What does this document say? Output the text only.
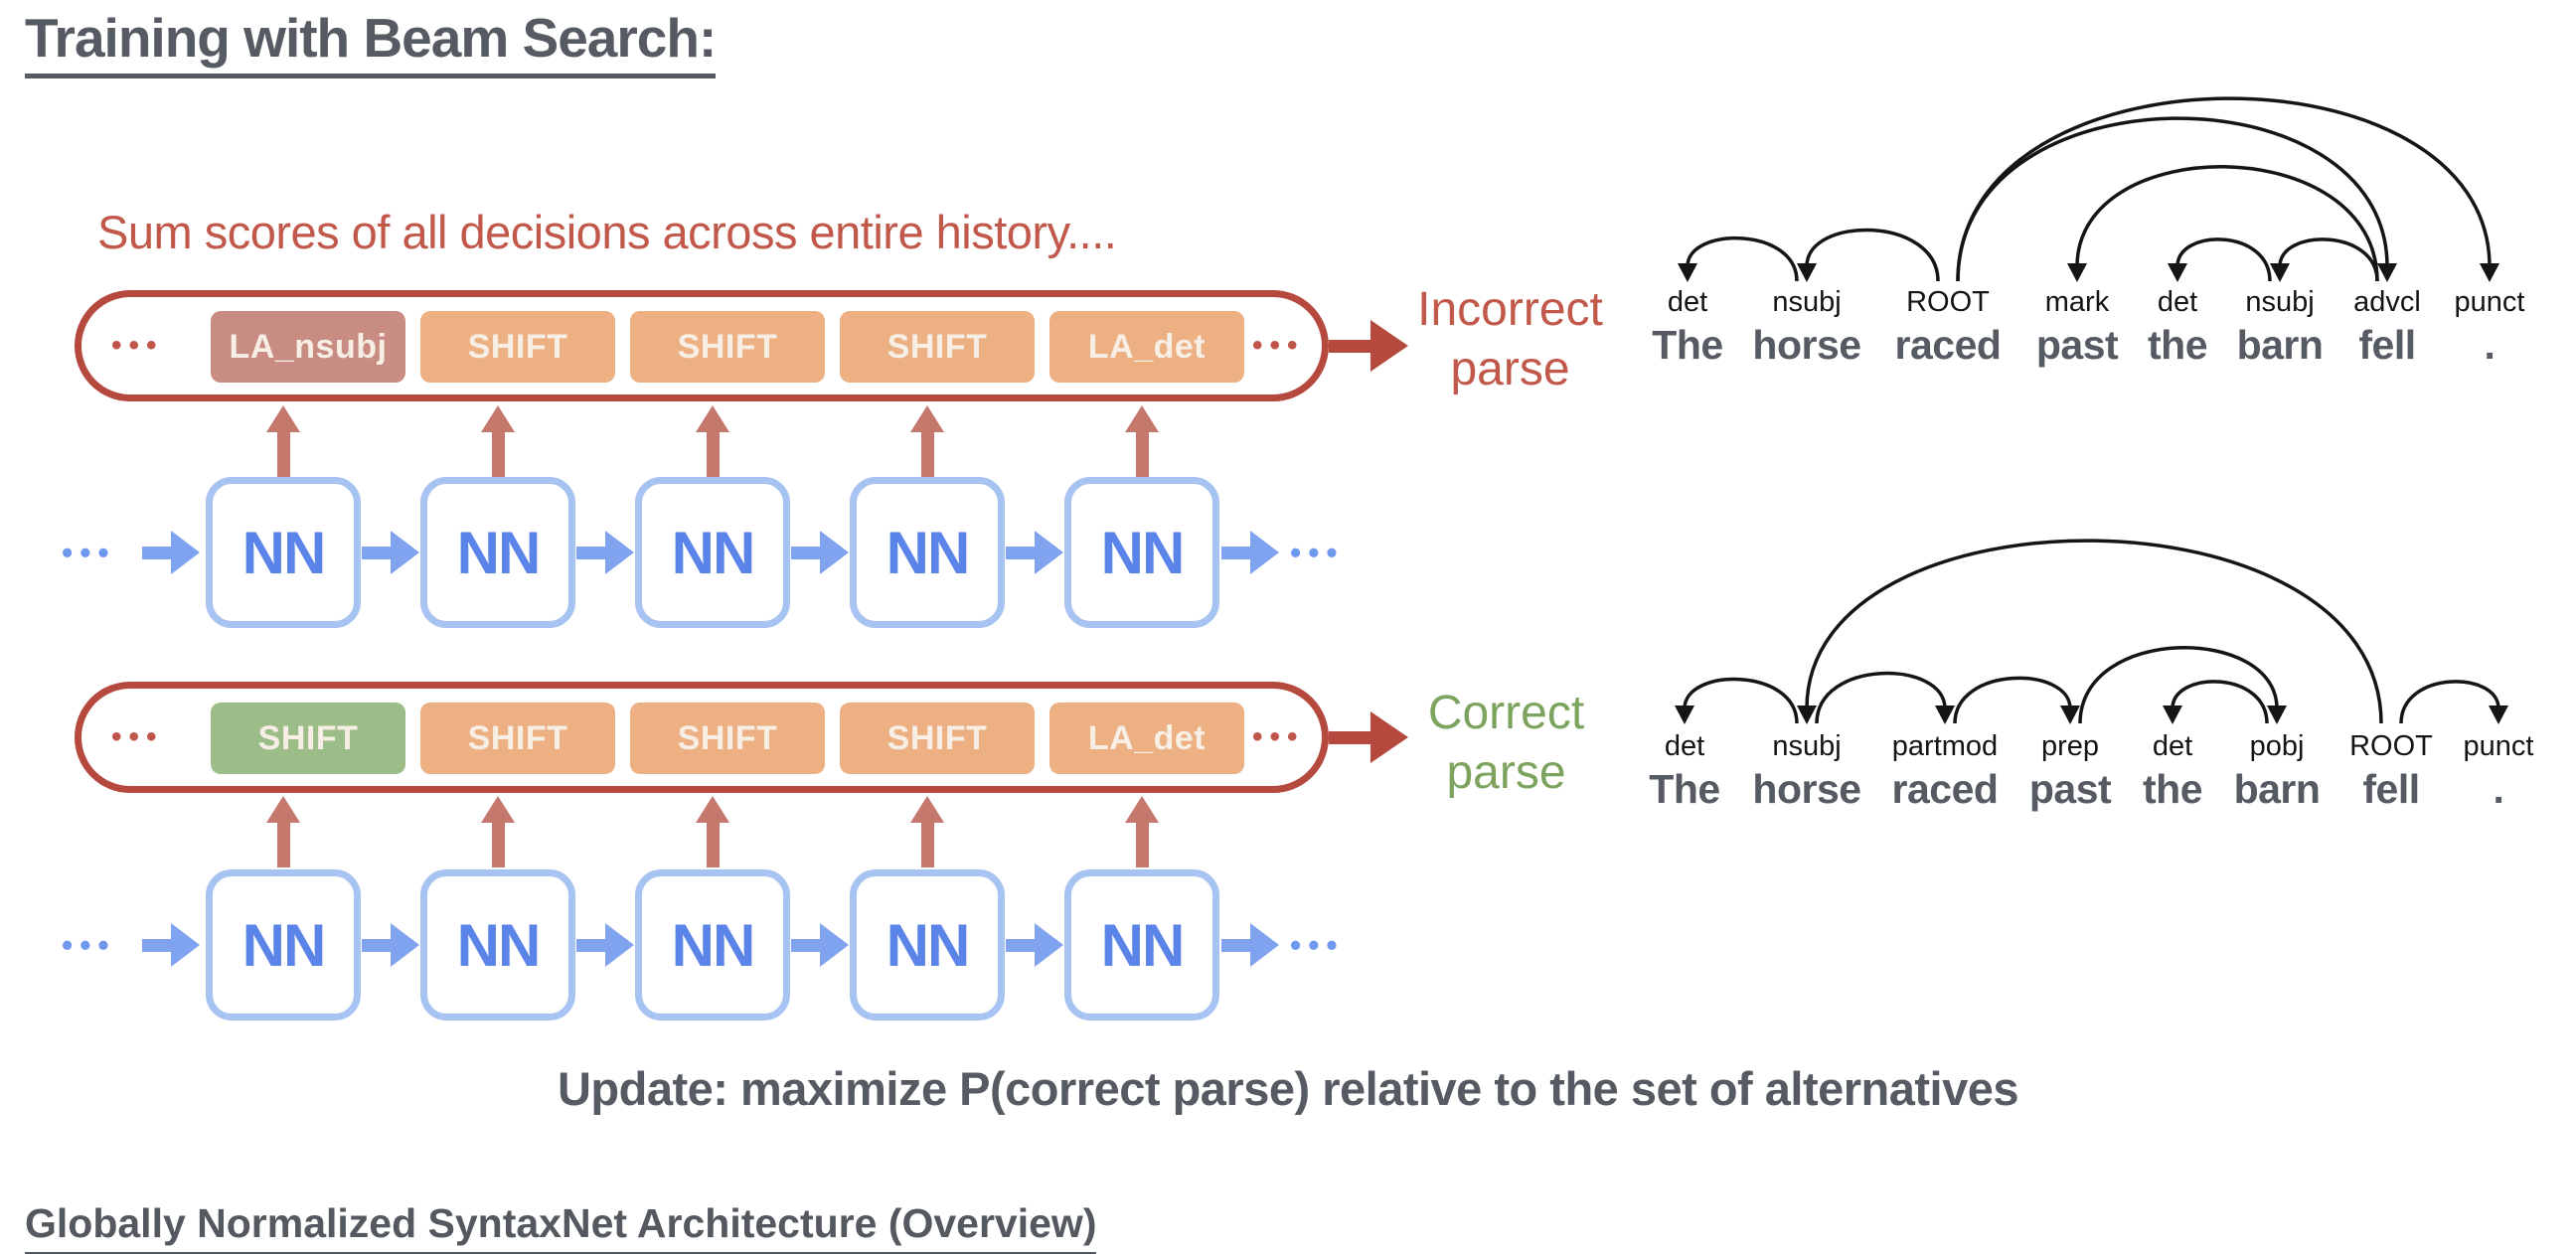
Training with Beam Search:
Sum scores of all decisions across entire history....
•••	LA_nsubj	SHIFT	SHIFT	SHIFT	LA_det	•••
Incorrect
parse
•••	SHIFT	SHIFT	SHIFT	SHIFT	LA_det	•••	Correct
parse
det nsubj ROOT mark det nsubj advcl punct
The horse raced past the barn fell .
det nsubj partmod prep det pobj ROOT punct
The horse raced past the barn fell .
Update: maximize P(correct parse) relative to the set of alternatives
Globally Normalized SyntaxNet Architecture (Overview)
NN	NN	NN	NN	NN
•••	•••
NN	NN	NN	NN	NN
•••	•••
